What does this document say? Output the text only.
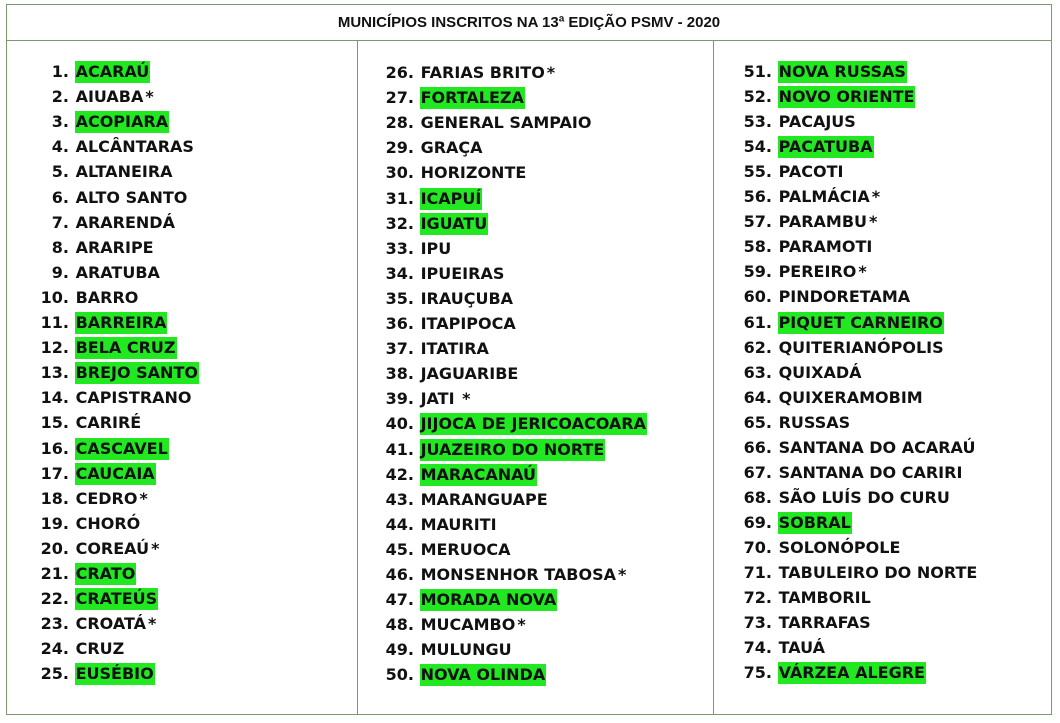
MUNICÍPIOS INSCRITOS NA 13ª EDIÇÃO PSMV - 2020
1. ACARAÚ
2. AIUABA *
3. ACOPIARA
4. ALCÂNTARAS
5. ALTANEIRA
6. ALTO SANTO
7. ARARENDÁ
8. ARARIPE
9. ARATUBA
10. BARRO
11. BARREIRA
12. BELA CRUZ
13. BREJO SANTO
14. CAPISTRANO
15. CARIRÉ
16. CASCAVEL
17. CAUCAIA
18. CEDRO *
19. CHORÓ
20. COREAÚ *
21. CRATO
22. CRATEÚS
23. CROATÁ *
24. CRUZ
25. EUSÉBIO
26. FARIAS BRITO *
27. FORTALEZA
28. GENERAL SAMPAIO
29. GRAÇA
30. HORIZONTE
31. ICAPUÍ
32. IGUATU
33. IPU
34. IPUEIRAS
35. IRAUÇUBA
36. ITAPIPOCA
37. ITATIRA
38. JAGUARIBE
39. JATI *
40. JIJOCA DE JERICOACOARA
41. JUAZEIRO DO NORTE
42. MARACANAÚ
43. MARANGUAPE
44. MAURITI
45. MERUOCA
46. MONSENHOR TABOSA *
47. MORADA NOVA
48. MUCAMBO *
49. MULUNGU
50. NOVA OLINDA
51. NOVA RUSSAS
52. NOVO ORIENTE
53. PACAJUS
54. PACATUBA
55. PACOTI
56. PALMÁCIA *
57. PARAMBU *
58. PARAMOTI
59. PEREIRO *
60. PINDORETAMA
61. PIQUET CARNEIRO
62. QUITERIANÓPOLIS
63. QUIXADÁ
64. QUIXERAMOBIM
65. RUSSAS
66. SANTANA DO ACARAÚ
67. SANTANA DO CARIRI
68. SÃO LUÍS DO CURU
69. SOBRAL
70. SOLONÓPOLE
71. TABULEIRO DO NORTE
72. TAMBORIL
73. TARRAFAS
74. TAUÁ
75. VÁRZEA ALEGRE
